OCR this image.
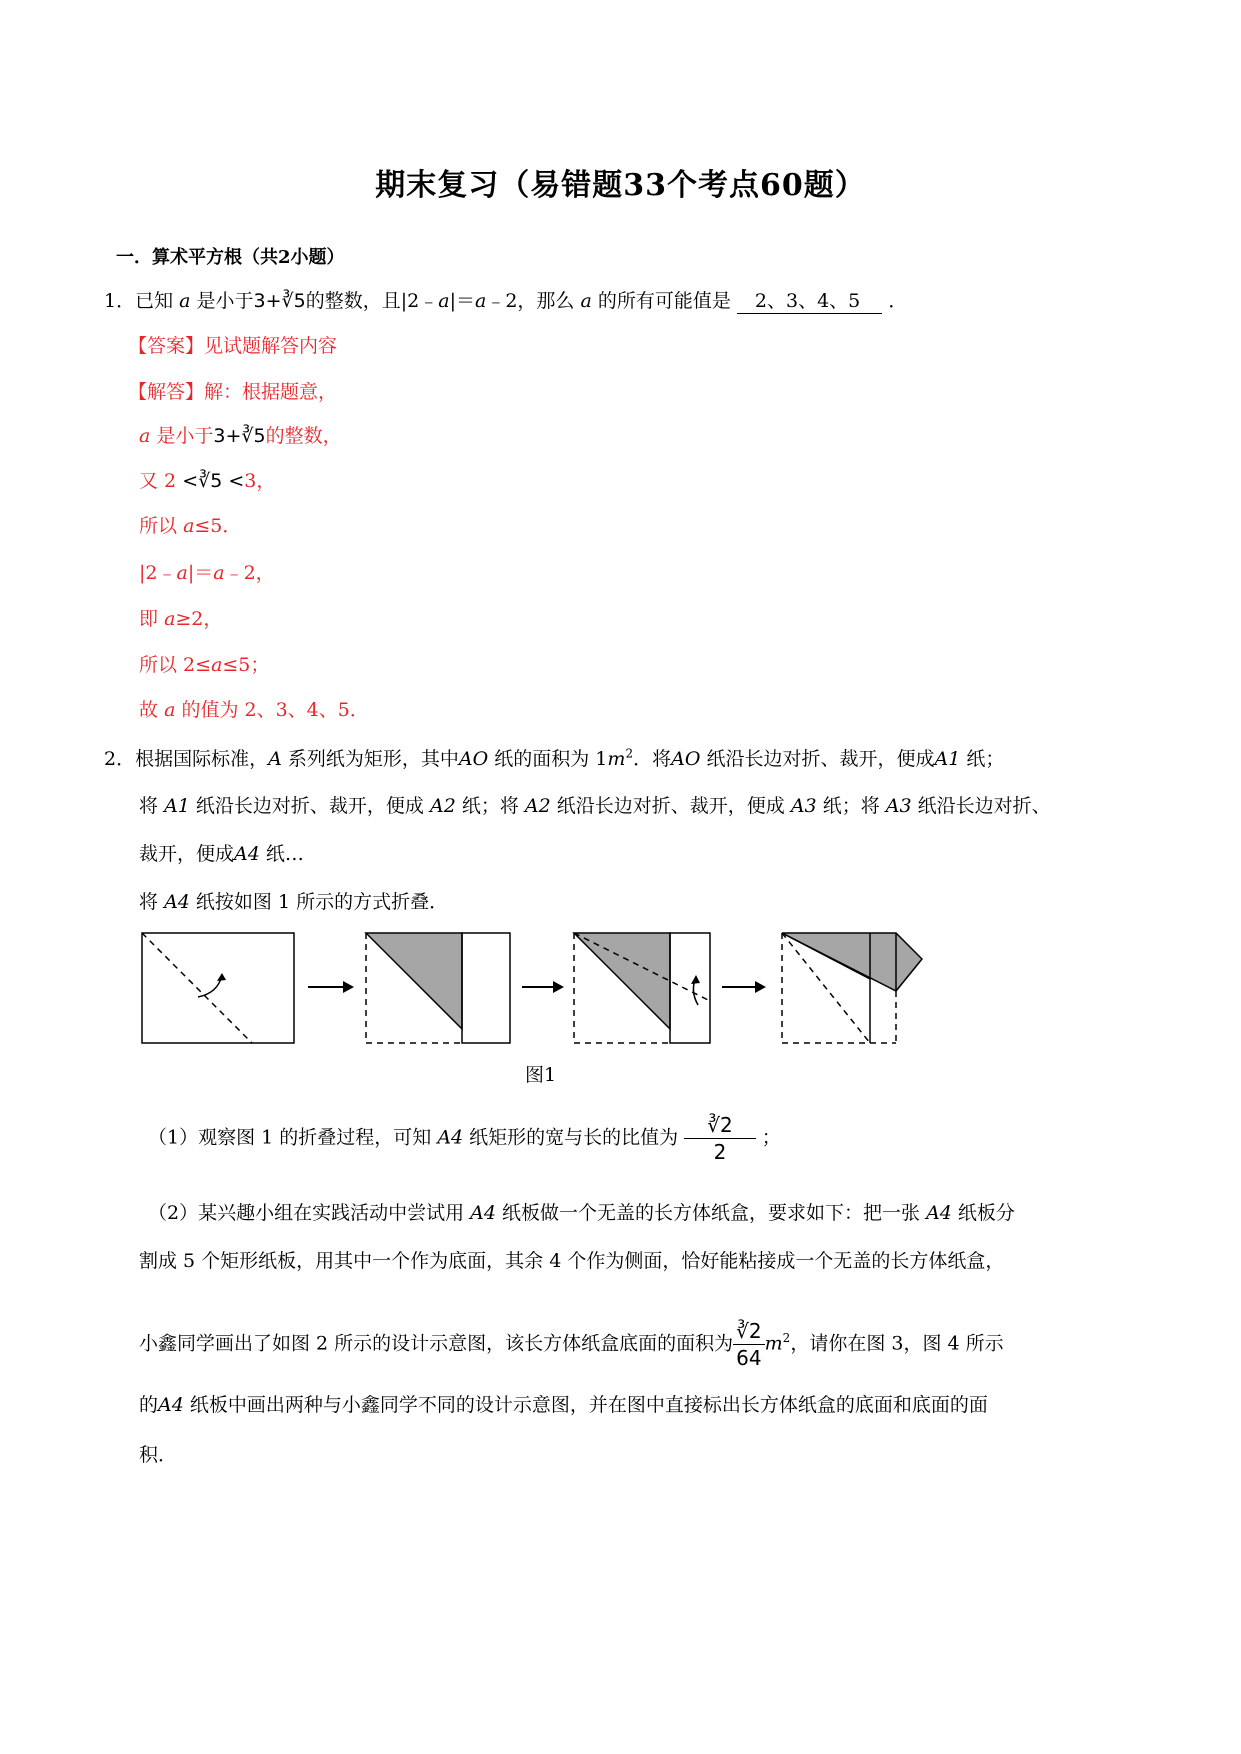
期末复习（易错题33个考点60题）
一．算术平方根（共2小题）
1．已知 a 是小于3+∛5的整数，且|2﹣a|＝a﹣2，那么 a 的所有可能值是 2、3、4、5 ．
【答案】见试题解答内容
【解答】解：根据题意，
a 是小于3+∛5的整数，
又 2 <∛5 <3，
所以 a≤5．
|2﹣a|＝a﹣2，
即 a≥2，
所以 2≤a≤5；
故 a 的值为 2、3、4、5．
2．根据国际标准，A 系列纸为矩形，其中AO 纸的面积为 $1m^2$．将AO 纸沿长边对折、裁开，便成A1 纸；
将 A1 纸沿长边对折、裁开，便成 A2 纸；将 A2 纸沿长边对折、裁开，便成 A3 纸；将 A3 纸沿长边对折、
裁开，便成A4 纸…
将 A4 纸按如图 1 所示的方式折叠．
图1
（1）观察图 1 的折叠过程，可知 A4 纸矩形的宽与长的比值为 $\frac{∛2}{2}$ ；
（2）某兴趣小组在实践活动中尝试用 A4 纸板做一个无盖的长方体纸盒，要求如下：把一张 A4 纸板分
割成 5 个矩形纸板，用其中一个作为底面，其余 4 个作为侧面，恰好能粘接成一个无盖的长方体纸盒，
小鑫同学画出了如图 2 所示的设计示意图，该长方体纸盒底面的面积为 $\frac{∛2}{64} m^2$，请你在图 3，图 4 所示
的A4 纸板中画出两种与小鑫同学不同的设计示意图，并在图中直接标出长方体纸盒的底面和底面的面
积．
